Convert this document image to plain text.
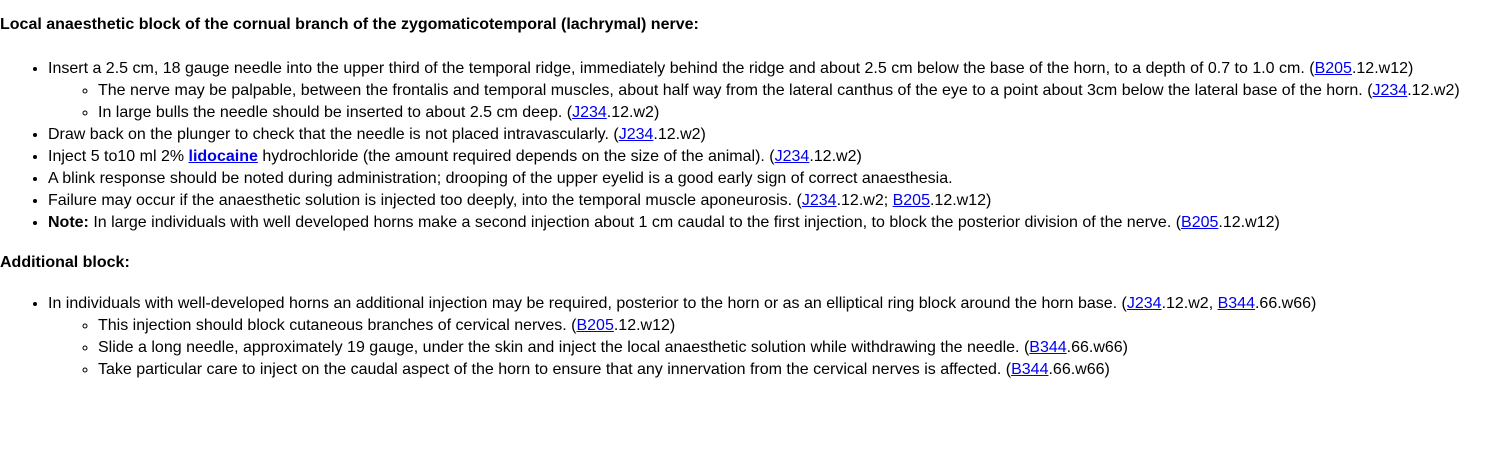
Local anaesthetic block of the cornual branch of the zygomaticotemporal (lachrymal) nerve:
• Insert a 2.5 cm, 18 gauge needle into the upper third of the temporal ridge, immediately behind the ridge and about 2.5 cm below the base of the horn, to a depth of 0.7 to 1.0 cm. (B205.12.w12)
◦ The nerve may be palpable, between the frontalis and temporal muscles, about half way from the lateral canthus of the eye to a point about 3cm below the lateral base of the horn. (J234.12.w2)
◦ In large bulls the needle should be inserted to about 2.5 cm deep. (J234.12.w2)
• Draw back on the plunger to check that the needle is not placed intravascularly. (J234.12.w2)
• Inject 5 to10 ml 2% lidocaine hydrochloride (the amount required depends on the size of the animal). (J234.12.w2)
• A blink response should be noted during administration; drooping of the upper eyelid is a good early sign of correct anaesthesia.
• Failure may occur if the anaesthetic solution is injected too deeply, into the temporal muscle aponeurosis. (J234.12.w2; B205.12.w12)
• Note: In large individuals with well developed horns make a second injection about 1 cm caudal to the first injection, to block the posterior division of the nerve. (B205.12.w12)
Additional block:
• In individuals with well-developed horns an additional injection may be required, posterior to the horn or as an elliptical ring block around the horn base. (J234.12.w2, B344.66.w66)
◦ This injection should block cutaneous branches of cervical nerves. (B205.12.w12)
◦ Slide a long needle, approximately 19 gauge, under the skin and inject the local anaesthetic solution while withdrawing the needle. (B344.66.w66)
◦ Take particular care to inject on the caudal aspect of the horn to ensure that any innervation from the cervical nerves is affected. (B344.66.w66)
